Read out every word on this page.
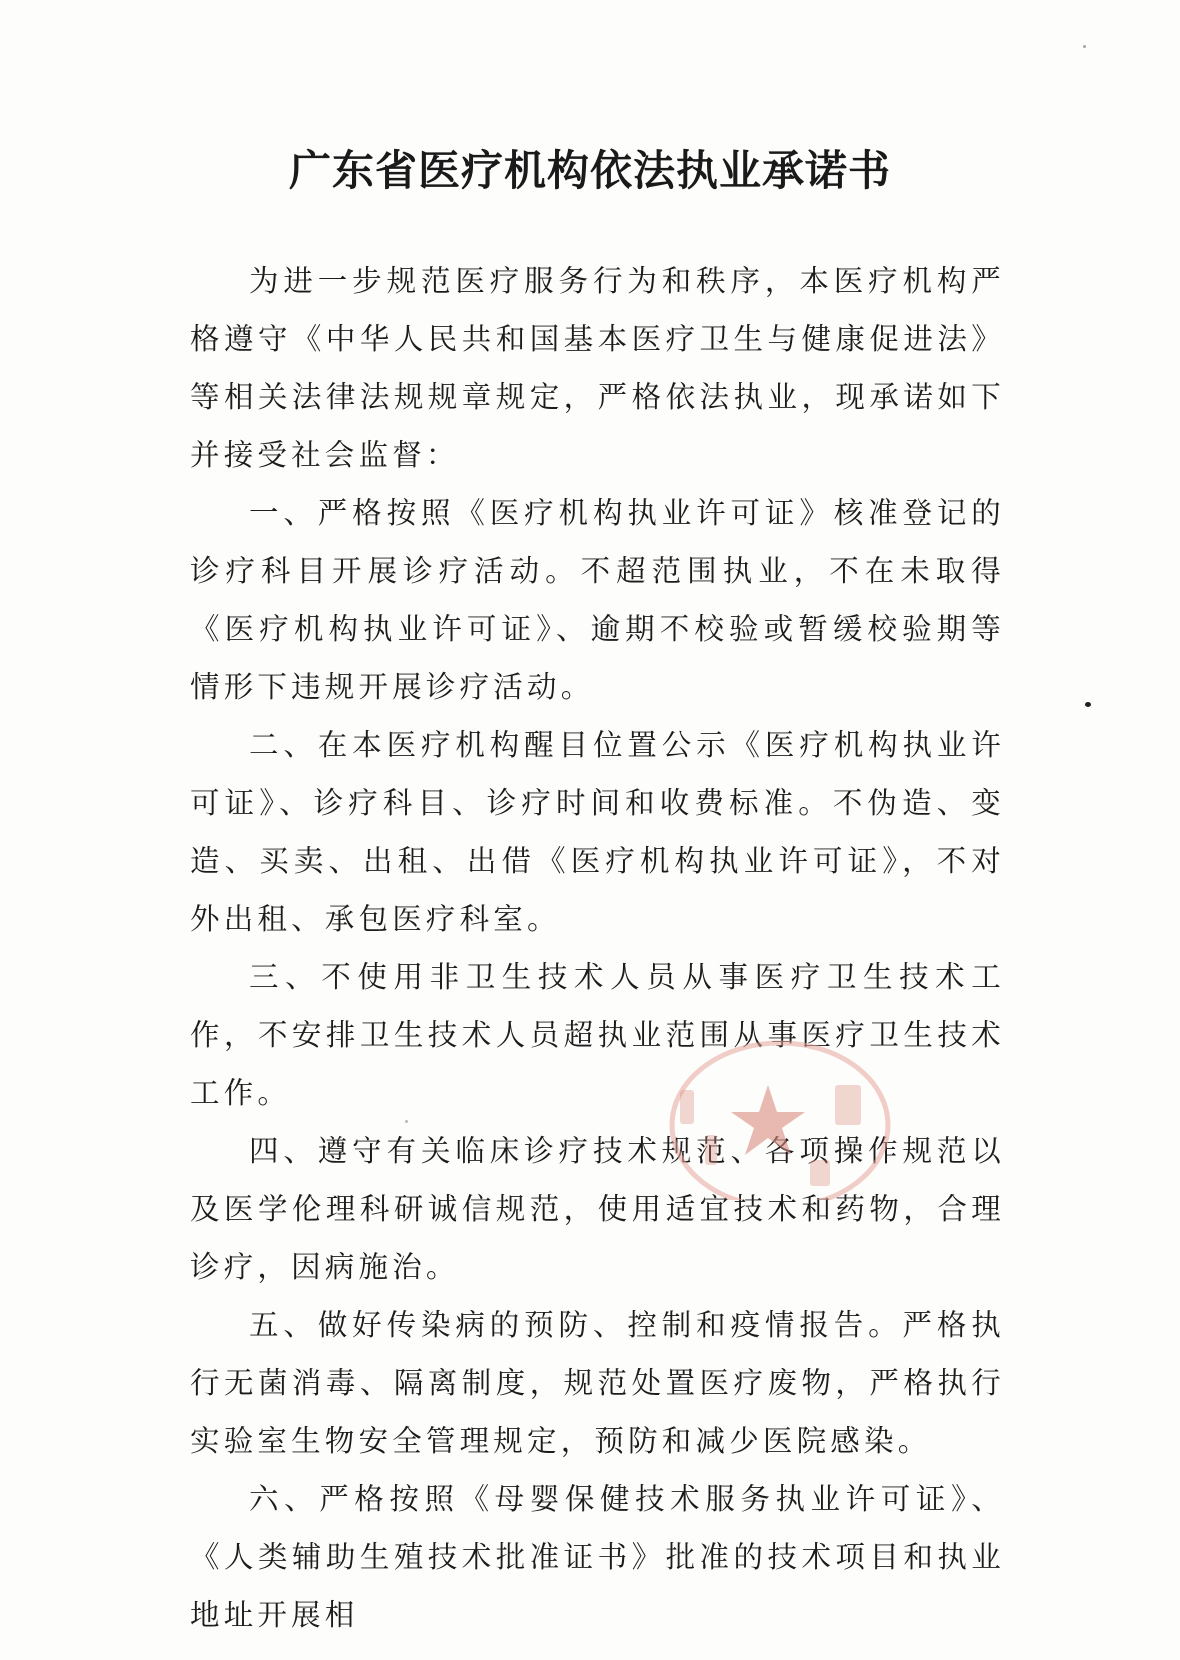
广东省医疗机构依法执业承诺书

为进一步规范医疗服务行为和秩序，本医疗机构严格遵守《中华人民共和国基本医疗卫生与健康促进法》等相关法律法规规章规定，严格依法执业，现承诺如下并接受社会监督：

一、严格按照《医疗机构执业许可证》核准登记的诊疗科目开展诊疗活动。不超范围执业，不在未取得《医疗机构执业许可证》、逾期不校验或暂缓校验期等情形下违规开展诊疗活动。

二、在本医疗机构醒目位置公示《医疗机构执业许可证》、诊疗科目、诊疗时间和收费标准。不伪造、变造、买卖、出租、出借《医疗机构执业许可证》，不对外出租、承包医疗科室。

三、不使用非卫生技术人员从事医疗卫生技术工作，不安排卫生技术人员超执业范围从事医疗卫生技术工作。

四、遵守有关临床诊疗技术规范、各项操作规范以及医学伦理科研诚信规范，使用适宜技术和药物，合理诊疗，因病施治。

五、做好传染病的预防、控制和疫情报告。严格执行无菌消毒、隔离制度，规范处置医疗废物，严格执行实验室生物安全管理规定，预防和减少医院感染。

六、严格按照《母婴保健技术服务执业许可证》、《人类辅助生殖技术批准证书》批准的技术项目和执业地址开展相
